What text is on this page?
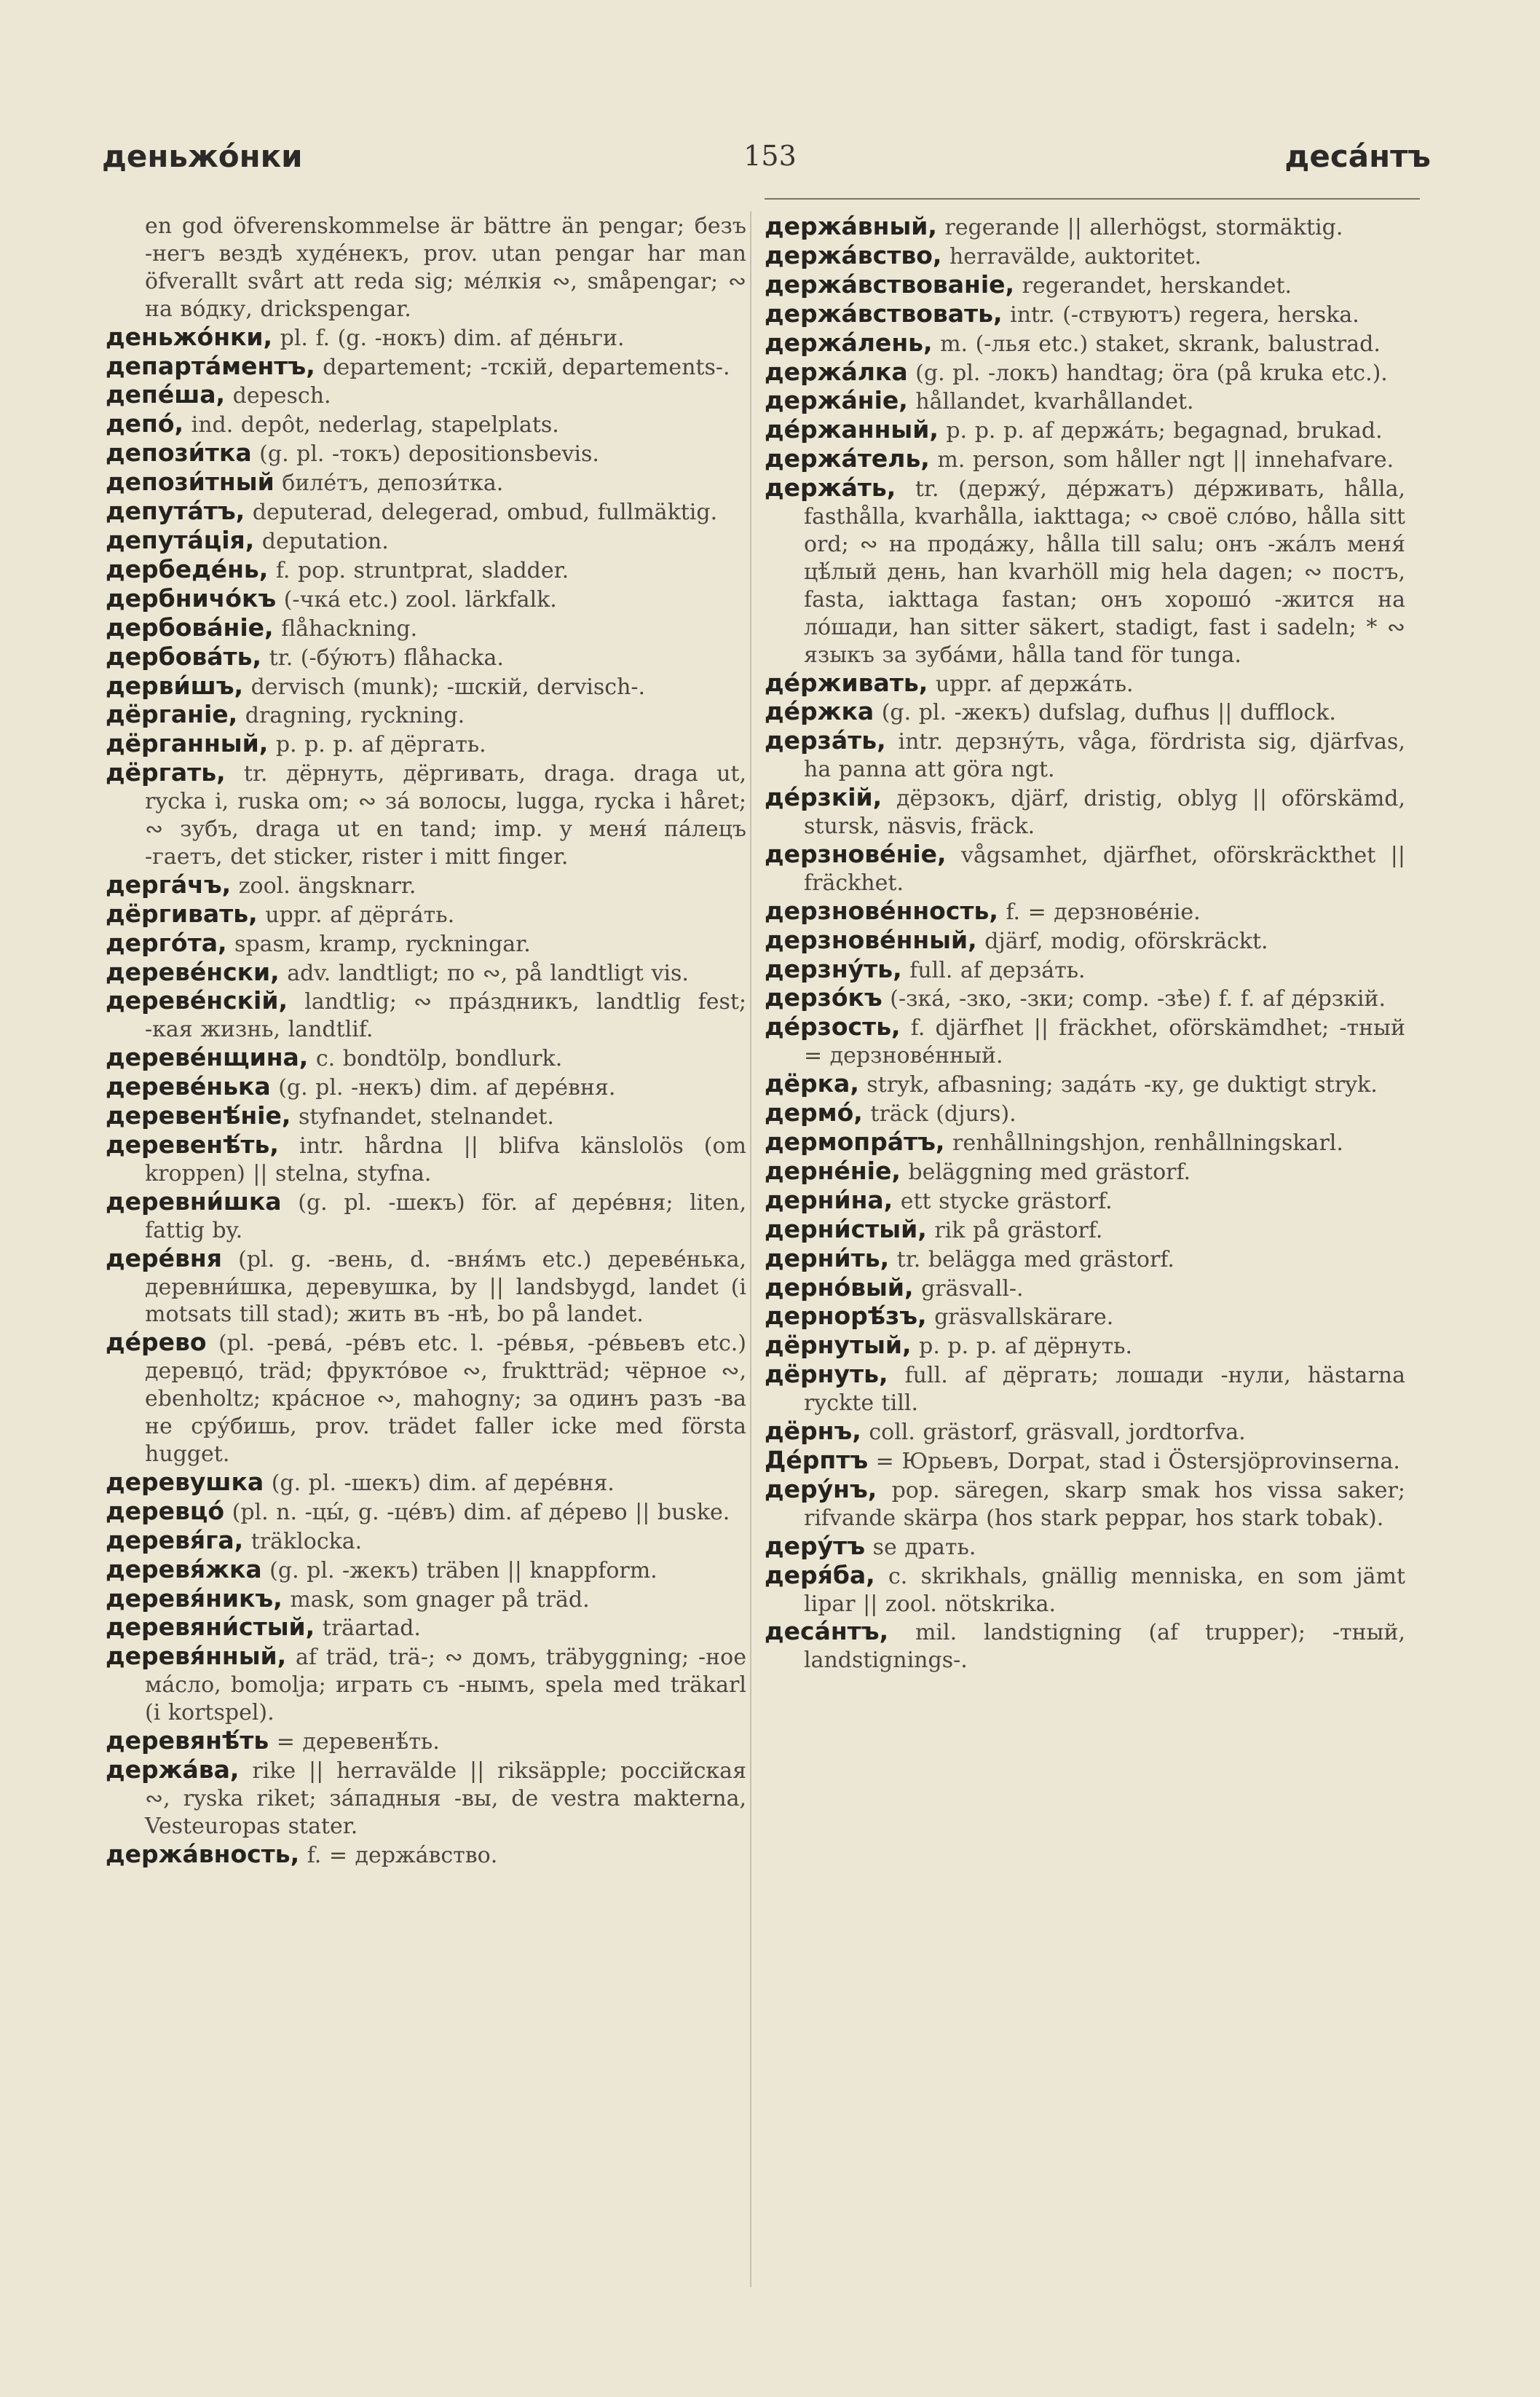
деньжо́нки	153	деса́нтъ
en god öfverenskommelse är bättre än pengar; безъ -негъ вездѣ худе́некъ, prov. utan pengar har man öfverallt svårt att reda sig; ме́лкія ∾, småpengar; ∾ на во́дку, drickspengar.
деньжо́нки, pl. f. (g. -нокъ) dim. af де́ньги.
департа́ментъ, departement; -тскій, departements-.
депе́ша, depesch.
депо́, ind. depôt, nederlag, stapelplats.
депози́тка (g. pl. -токъ) depositionsbevis.
депози́тный биле́тъ, депози́тка.
депута́тъ, deputerad, delegerad, ombud, fullmäktig.
депута́ція, deputation.
дербеде́нь, f. pop. struntprat, sladder.
дербничо́къ (-чка́ etc.) zool. lärkfalk.
дербова́ніе, flåhackning.
дербова́ть, tr. (-бу́ютъ) flåhacka.
дерви́шъ, dervisch (munk); -шскій, dervisch-.
дёрганіе, dragning, ryckning.
дёрганный, p. p. p. af дёргать.
дёргать, tr. дёрнуть, дёргивать, draga. draga ut, rycka i, ruska om; ∾ за́ волосы, lugga, rycka i håret; ∾ зубъ, draga ut en tand; imp. у меня́ па́лецъ -гаетъ, det sticker, rister i mitt finger.
дерга́чъ, zool. ängsknarr.
дёргивать, uppr. af дёрга́ть.
дерго́та, spasm, kramp, ryckningar.
дереве́нски, adv. landtligt; по ∾, på landtligt vis.
дереве́нскій, landtlig; ∾ пра́здникъ, landtlig fest; -кая жизнь, landtlif.
дереве́нщина, c. bondtölp, bondlurk.
дереве́нька (g. pl. -некъ) dim. af дере́вня.
деревенѣ́ніе, styfnandet, stelnandet.
деревенѣ́ть, intr. hårdna || blifva känslolös (om kroppen) || stelna, styfna.
деревни́шка (g. pl. -шекъ) för. af дере́вня; liten, fattig by.
дере́вня (pl. g. -вень, d. -вня́мъ etc.) дереве́нька, деревни́шка, деревушка, by || landsbygd, landet (i motsats till stad); жить въ -нѣ, bo på landet.
де́рево (pl. -рева́, -ре́въ etc. l. -ре́вья, -ре́вьевъ etc.) деревцо́, träd; фрукто́вое ∾, fruktträd; чёрное ∾, ebenholtz; кра́сное ∾, mahogny; за одинъ разъ -ва не сру́бишь, prov. trädet faller icke med första hugget.
деревушка (g. pl. -шекъ) dim. af дере́вня.
деревцо́ (pl. n. -цы́, g. -це́въ) dim. af де́рево || buske.
деревя́га, träklocka.
деревя́жка (g. pl. -жекъ) träben || knappform.
деревя́никъ, mask, som gnager på träd.
деревяни́стый, träartad.
деревя́нный, af träd, trä-; ∾ домъ, träbyggning; -ное ма́сло, bomolja; играть съ -нымъ, spela med träkarl (i kortspel).
деревянѣ́ть = деревенѣ́ть.
держа́ва, rike || herravälde || riksäpple; россійская ∾, ryska riket; за́падныя -вы, de vestra makterna, Vesteuropas stater.
держа́вность, f. = держа́вство.
держа́вный, regerande || allerhögst, stormäktig.
держа́вство, herravälde, auktoritet.
держа́вствованіе, regerandet, herskandet.
держа́вствовать, intr. (-ствуютъ) regera, herska.
держа́лень, m. (-лья etc.) staket, skrank, balustrad.
держа́лка (g. pl. -локъ) handtag; öra (på kruka etc.).
держа́ніе, hållandet, kvarhållandet.
де́ржанный, p. p. p. af держа́ть; begagnad, brukad.
держа́тель, m. person, som håller ngt || innehafvare.
держа́ть, tr. (держу́, де́ржатъ) де́рживать, hålla, fasthålla, kvarhålla, iakttaga; ∾ своё сло́во, hålla sitt ord; ∾ на прода́жу, hålla till salu; онъ -жа́лъ меня́ цѣ́лый день, han kvarhöll mig hela dagen; ∾ постъ, fasta, iakttaga fastan; онъ хорошо́ -жится на ло́шади, han sitter säkert, stadigt, fast i sadeln; * ∾ языкъ за зуба́ми, hålla tand för tunga.
де́рживать, uppr. af держа́ть.
де́ржка (g. pl. -жекъ) dufslag, dufhus || dufflock.
дерза́ть, intr. дерзну́ть, våga, fördrista sig, djärfvas, ha panna att göra ngt.
де́рзкій, дёрзокъ, djärf, dristig, oblyg || oförskämd, stursk, näsvis, fräck.
дерзнове́ніе, vågsamhet, djärfhet, oförskräckthet || fräckhet.
дерзнове́нность, f. = дерзнове́ніе.
дерзнове́нный, djärf, modig, oförskräckt.
дерзну́ть, full. af дерза́ть.
дерзо́къ (-зка́, -зко, -зки; comp. -зѣе) f. f. af де́рзкій.
де́рзость, f. djärfhet || fräckhet, oförskämdhet; -тный = дерзнове́нный.
дёрка, stryk, afbasning; зада́ть -ку, ge duktigt stryk.
дермо́, träck (djurs).
дермопра́тъ, renhållningshjon, renhållningskarl.
дерне́ніе, beläggning med grästorf.
дерни́на, ett stycke grästorf.
дерни́стый, rik på grästorf.
дерни́ть, tr. belägga med grästorf.
дерно́вый, gräsvall-.
дернорѣ́зъ, gräsvallskärare.
дёрнутый, p. p. p. af дёрнуть.
дёрнуть, full. af дёргать; лошади -нули, hästarna ryckte till.
дёрнъ, coll. grästorf, gräsvall, jordtorfva.
Де́рптъ = Юрьевъ, Dorpat, stad i Östersjöprovinserna.
деру́нъ, pop. säregen, skarp smak hos vissa saker; rifvande skärpa (hos stark peppar, hos stark tobak).
деру́тъ se драть.
деря́ба, c. skrikhals, gnällig menniska, en som jämt lipar || zool. nötskrika.
деса́нтъ, mil. landstigning (af trupper); -тный, landstignings-.
